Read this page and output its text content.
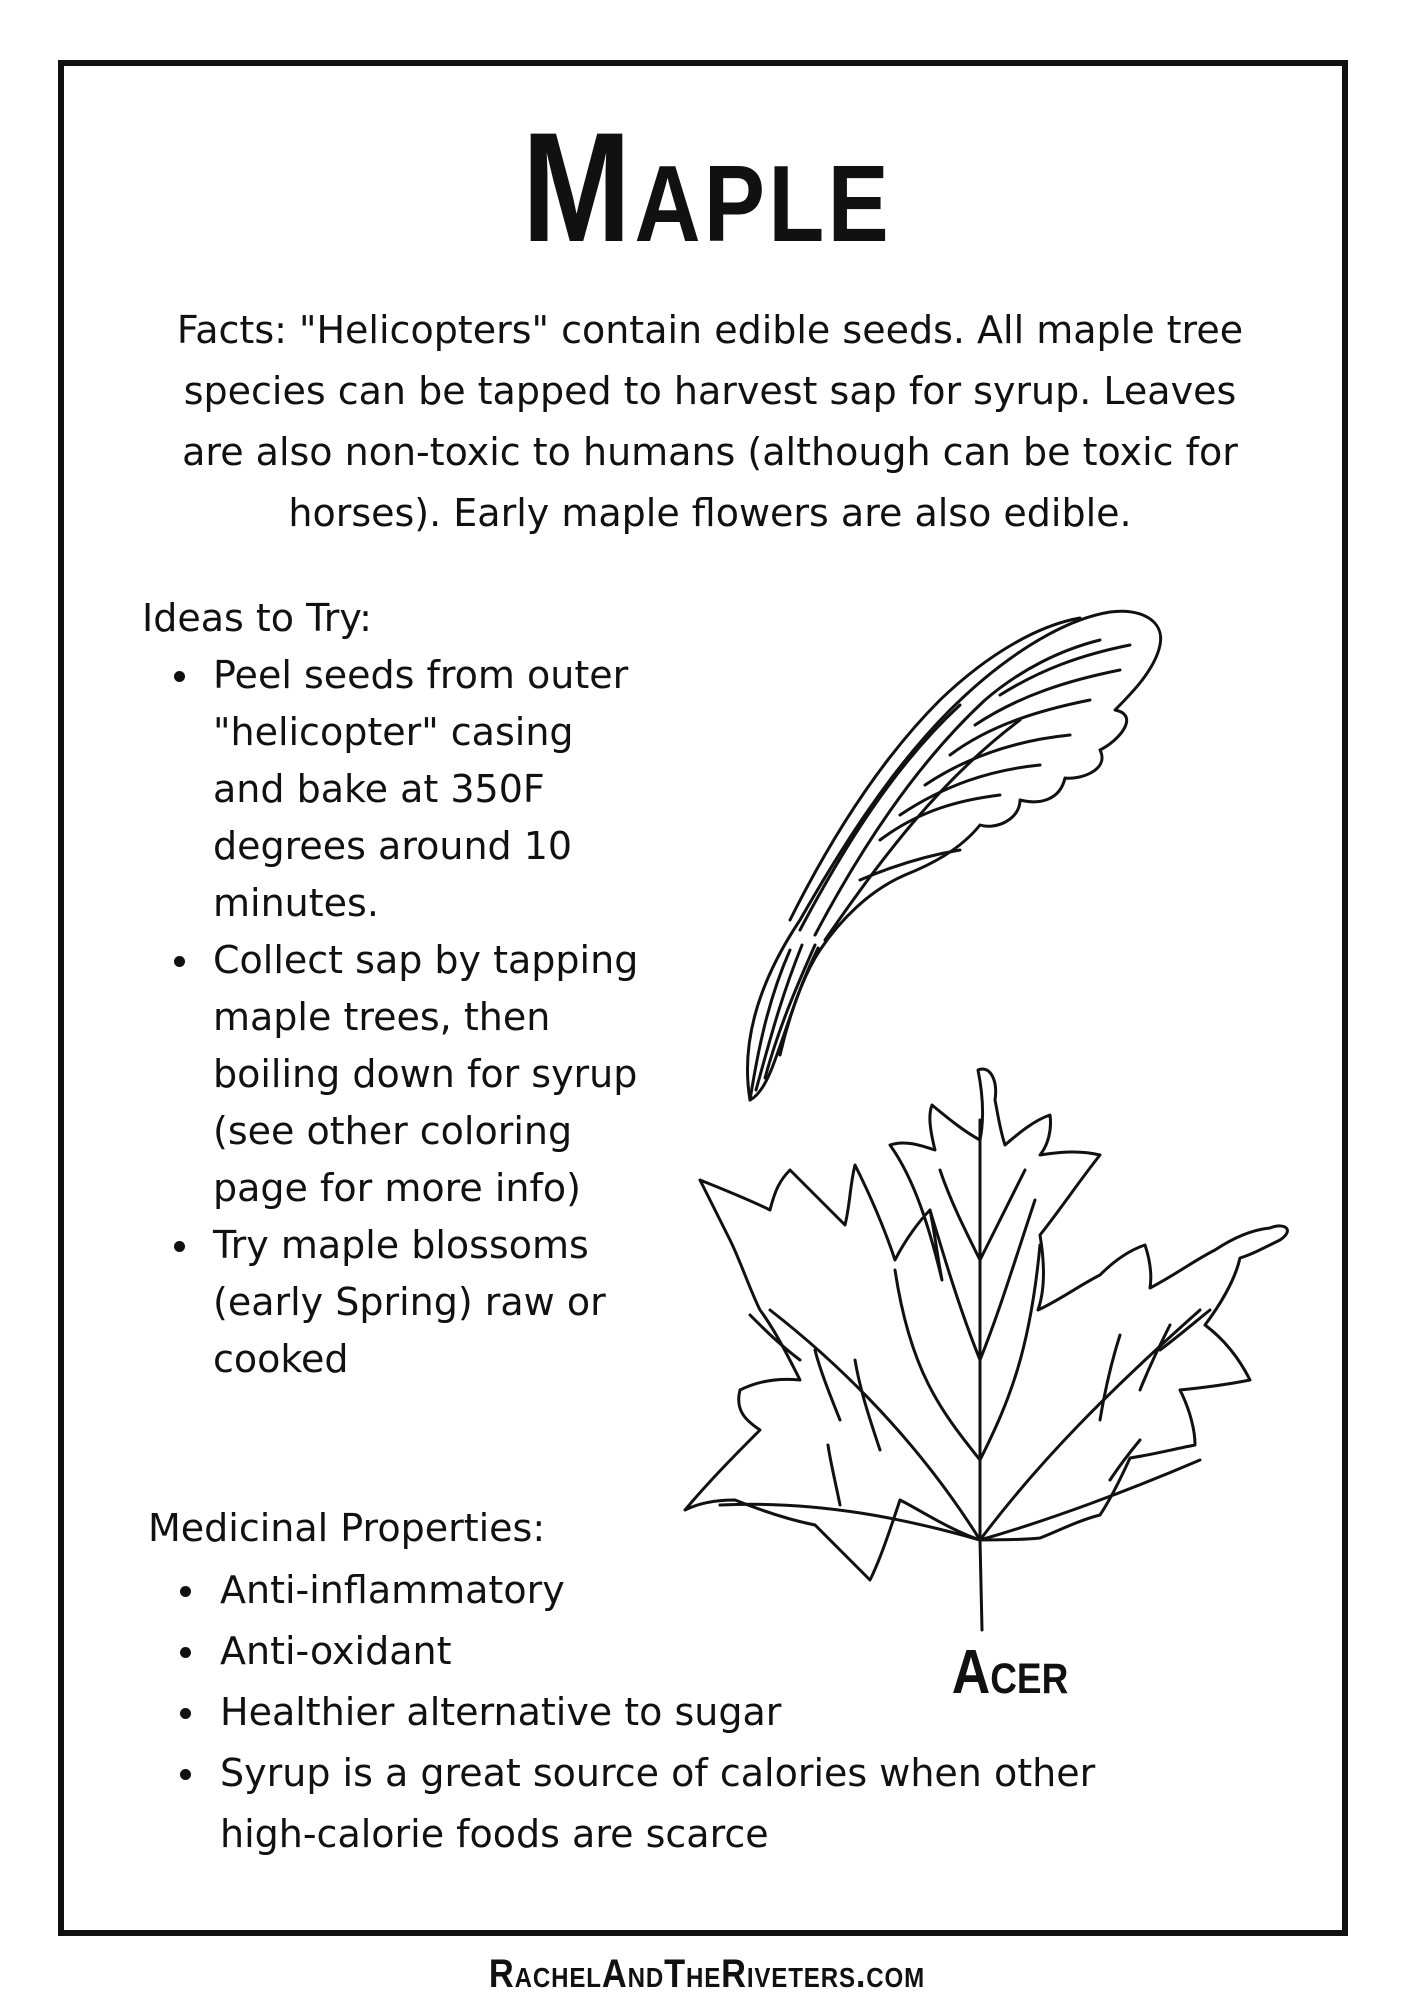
Maple
Facts: "Helicopters" contain edible seeds. All maple tree species can be tapped to harvest sap for syrup. Leaves are also non-toxic to humans (although can be toxic for horses). Early maple flowers are also edible.
Ideas to Try:
Peel seeds from outer "helicopter" casing and bake at 350F degrees around 10 minutes.
Collect sap by tapping maple trees, then boiling down for syrup (see other coloring page for more info)
Try maple blossoms (early Spring) raw or cooked
Acer
Medicinal Properties:
Anti-inflammatory
Anti-oxidant
Healthier alternative to sugar
Syrup is a great source of calories when other high-calorie foods are scarce
RachelAndTheRiveters.com
